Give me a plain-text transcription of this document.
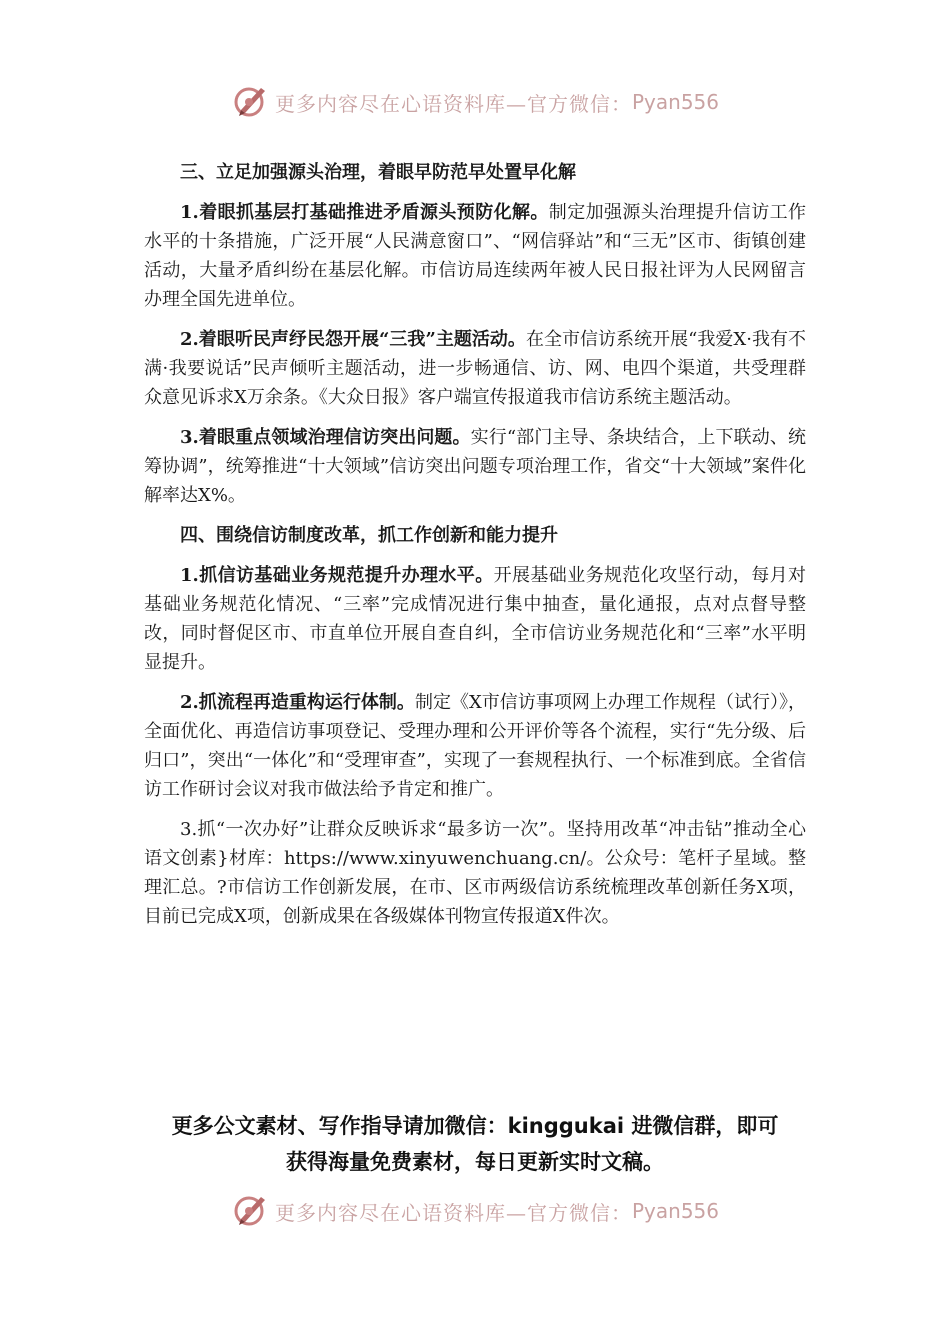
更多内容尽在心语资料库—官方微信： Pyan556

三、立足加强源头治理，着眼早防范早处置早化解

1.着眼抓基层打基础推进矛盾源头预防化解。制定加强源头治理提升信访工作水平的十条措施，广泛开展“人民满意窗口”、“网信驿站”和“三无”区市、街镇创建活动，大量矛盾纠纷在基层化解。市信访局连续两年被人民日报社评为人民网留言办理全国先进单位。

2.着眼听民声纾民怨开展“三我”主题活动。在全市信访系统开展“我爱X·我有不满·我要说话”民声倾听主题活动，进一步畅通信、访、网、电四个渠道，共受理群众意见诉求X万余条。《大众日报》客户端宣传报道我市信访系统主题活动。

3.着眼重点领域治理信访突出问题。实行“部门主导、条块结合，上下联动、统筹协调”，统筹推进“十大领域”信访突出问题专项治理工作，省交“十大领域”案件化解率达X%。

四、围绕信访制度改革，抓工作创新和能力提升

1.抓信访基础业务规范提升办理水平。开展基础业务规范化攻坚行动，每月对基础业务规范化情况、“三率”完成情况进行集中抽查，量化通报，点对点督导整改，同时督促区市、市直单位开展自查自纠，全市信访业务规范化和“三率”水平明显提升。

2.抓流程再造重构运行体制。制定《X市信访事项网上办理工作规程（试行）》，全面优化、再造信访事项登记、受理办理和公开评价等各个流程，实行“先分级、后归口”，突出“一体化”和“受理审查”，实现了一套规程执行、一个标准到底。全省信访工作研讨会议对我市做法给予肯定和推广。

3.抓“一次办好”让群众反映诉求“最多访一次”。坚持用改革“冲击钻”推动全心语文创素}材库：https://www.xinyuwenchuang.cn/。公众号：笔杆子星域。整理汇总。?市信访工作创新发展，在市、区市两级信访系统梳理改革创新任务X项，目前已完成X项，创新成果在各级媒体刊物宣传报道X件次。

更多公文素材、写作指导请加微信：kinggukai 进微信群，即可
获得海量免费素材，每日更新实时文稿。
更多内容尽在心语资料库—官方微信： Pyan556
